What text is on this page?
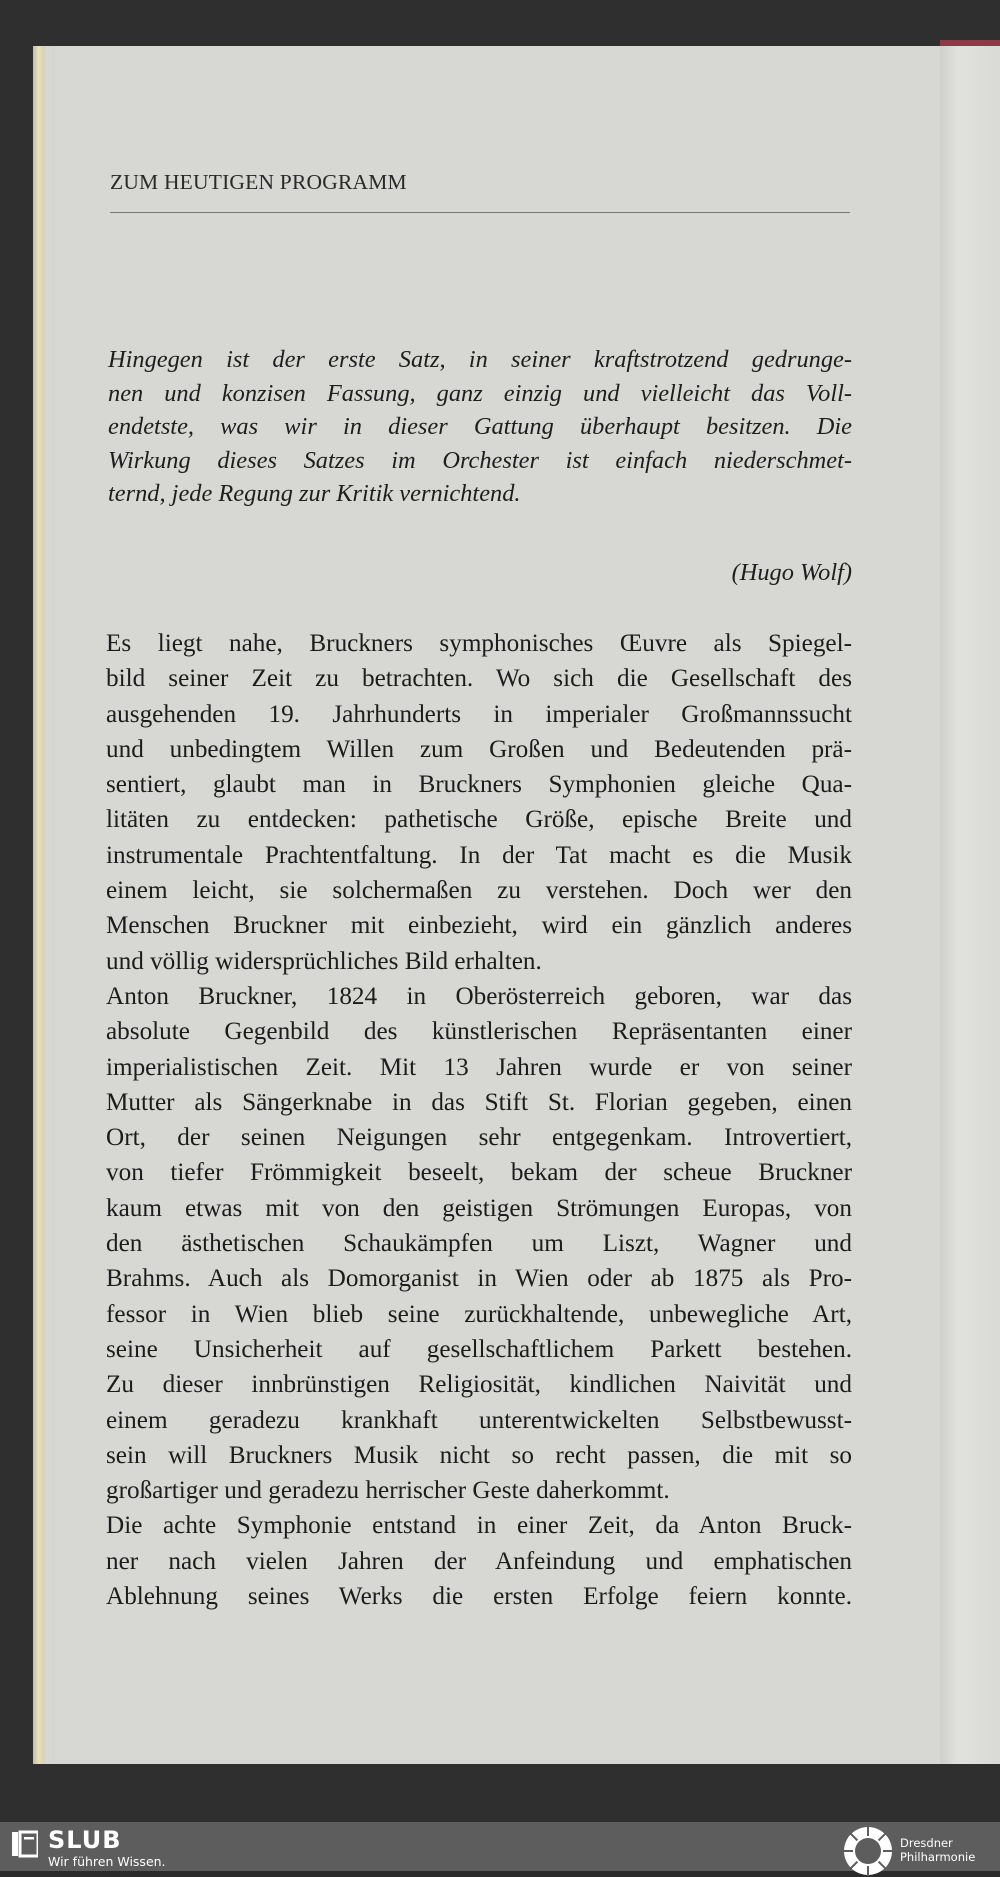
ZUM HEUTIGEN PROGRAMM
Hingegen ist der erste Satz, in seiner kraftstrotzend gedrunge-
nen und konzisen Fassung, ganz einzig und vielleicht das Voll-
endetste, was wir in dieser Gattung überhaupt besitzen. Die
Wirkung dieses Satzes im Orchester ist einfach niederschmet-
ternd, jede Regung zur Kritik vernichtend.
(Hugo Wolf)
Es liegt nahe, Bruckners symphonisches Œuvre als Spiegel-
bild seiner Zeit zu betrachten. Wo sich die Gesellschaft des
ausgehenden 19. Jahrhunderts in imperialer Großmannssucht
und unbedingtem Willen zum Großen und Bedeutenden prä-
sentiert, glaubt man in Bruckners Symphonien gleiche Qua-
litäten zu entdecken: pathetische Größe, epische Breite und
instrumentale Prachtentfaltung. In der Tat macht es die Musik
einem leicht, sie solchermaßen zu verstehen. Doch wer den
Menschen Bruckner mit einbezieht, wird ein gänzlich anderes
und völlig widersprüchliches Bild erhalten.
Anton Bruckner, 1824 in Oberösterreich geboren, war das
absolute Gegenbild des künstlerischen Repräsentanten einer
imperialistischen Zeit. Mit 13 Jahren wurde er von seiner
Mutter als Sängerknabe in das Stift St. Florian gegeben, einen
Ort, der seinen Neigungen sehr entgegenkam. Introvertiert,
von tiefer Frömmigkeit beseelt, bekam der scheue Bruckner
kaum etwas mit von den geistigen Strömungen Europas, von
den ästhetischen Schaukämpfen um Liszt, Wagner und
Brahms. Auch als Domorganist in Wien oder ab 1875 als Pro-
fessor in Wien blieb seine zurückhaltende, unbewegliche Art,
seine Unsicherheit auf gesellschaftlichem Parkett bestehen.
Zu dieser innbrünstigen Religiosität, kindlichen Naivität und
einem geradezu krankhaft unterentwickelten Selbstbewusst-
sein will Bruckners Musik nicht so recht passen, die mit so
großartiger und geradezu herrischer Geste daherkommt.
Die achte Symphonie entstand in einer Zeit, da Anton Bruck-
ner nach vielen Jahren der Anfeindung und emphatischen
Ablehnung seines Werks die ersten Erfolge feiern konnte.
SLUB
Wir führen Wissen.
Dresdner
Philharmonie
